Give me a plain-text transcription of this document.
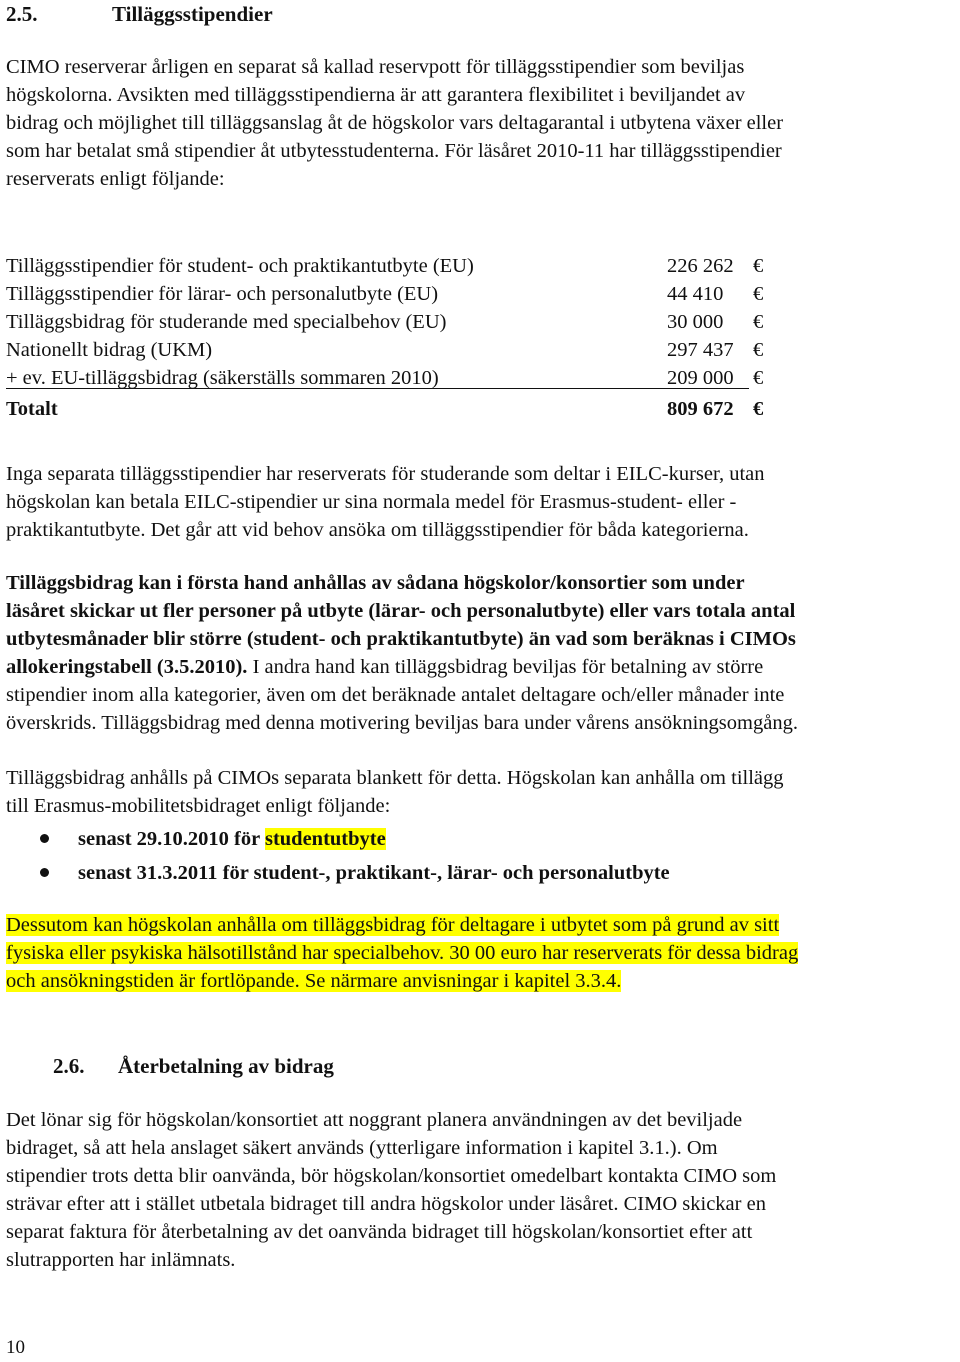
2.5.	Tilläggsstipendier
CIMO reserverar årligen en separat så kallad reservpott för tilläggsstipendier som beviljas
högskolorna. Avsikten med tilläggsstipendierna är att garantera flexibilitet i beviljandet av
bidrag och möjlighet till tilläggsanslag åt de högskolor vars deltagarantal i utbytena växer eller
som har betalat små stipendier åt utbytesstudenterna. För läsåret 2010-11 har tilläggsstipendier
reserverats enligt följande:
Tilläggsstipendier för student- och praktikantutbyte (EU)	226 262 €
Tilläggsstipendier för lärar- och personalutbyte (EU)	44 410 €
Tilläggsbidrag för studerande med specialbehov (EU)	30 000 €
Nationellt bidrag (UKM)	297 437 €
+ ev. EU-tilläggsbidrag (säkerställs sommaren 2010)	209 000 €
Totalt	809 672 €
Inga separata tilläggsstipendier har reserverats för studerande som deltar i EILC-kurser, utan
högskolan kan betala EILC-stipendier ur sina normala medel för Erasmus-student- eller -
praktikantutbyte. Det går att vid behov ansöka om tilläggsstipendier för båda kategorierna.
Tilläggsbidrag kan i första hand anhållas av sådana högskolor/konsortier som under
läsåret skickar ut fler personer på utbyte (lärar- och personalutbyte) eller vars totala antal
utbytesmånader blir större (student- och praktikantutbyte) än vad som beräknas i CIMOs
allokeringstabell (3.5.2010). I andra hand kan tilläggsbidrag beviljas för betalning av större
stipendier inom alla kategorier, även om det beräknade antalet deltagare och/eller månader inte
överskrids. Tilläggsbidrag med denna motivering beviljas bara under vårens ansökningsomgång.
Tilläggsbidrag anhålls på CIMOs separata blankett för detta. Högskolan kan anhålla om tillägg
till Erasmus-mobilitetsbidraget enligt följande:
senast 29.10.2010 för studentutbyte
senast 31.3.2011 för student-, praktikant-, lärar- och personalutbyte
Dessutom kan högskolan anhålla om tilläggsbidrag för deltagare i utbytet som på grund av sitt
fysiska eller psykiska hälsotillstånd har specialbehov. 30 00 euro har reserverats för dessa bidrag
och ansökningstiden är fortlöpande. Se närmare anvisningar i kapitel 3.3.4.
2.6. Återbetalning av bidrag
Det lönar sig för högskolan/konsortiet att noggrant planera användningen av det beviljade
bidraget, så att hela anslaget säkert används (ytterligare information i kapitel 3.1.). Om
stipendier trots detta blir oanvända, bör högskolan/konsortiet omedelbart kontakta CIMO som
strävar efter att i stället utbetala bidraget till andra högskolor under läsåret. CIMO skickar en
separat faktura för återbetalning av det oanvända bidraget till högskolan/konsortiet efter att
slutrapporten har inlämnats.
10
